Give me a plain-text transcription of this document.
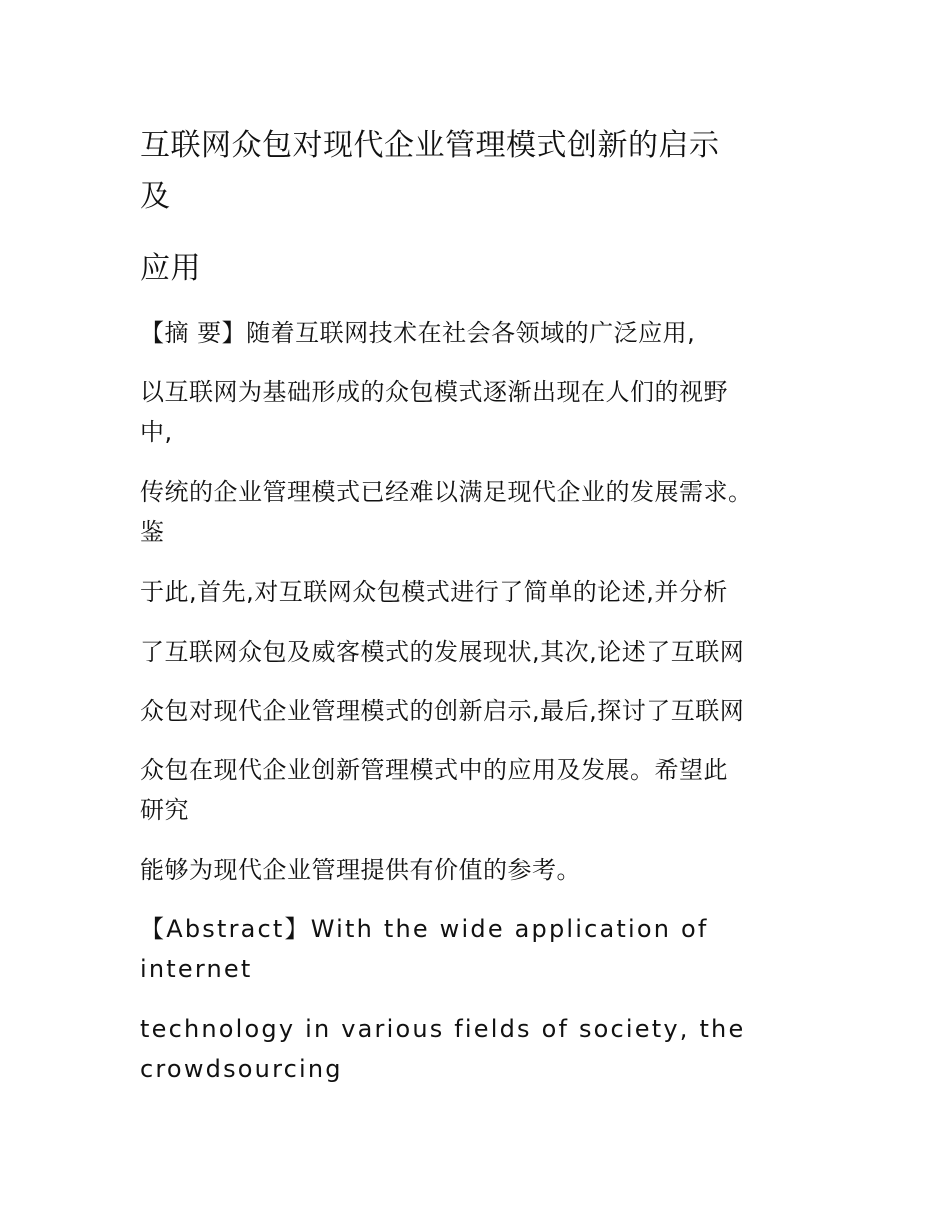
互联网众包对现代企业管理模式创新的启示
及
应用
【摘 要】随着互联网技术在社会各领域的广泛应用,
以互联网为基础形成的众包模式逐渐出现在人们的视野
中,
传统的企业管理模式已经难以满足现代企业的发展需求。
鉴
于此,首先,对互联网众包模式进行了简单的论述,并分析
了互联网众包及威客模式的发展现状,其次,论述了互联网
众包对现代企业管理模式的创新启示,最后,探讨了互联网
众包在现代企业创新管理模式中的应用及发展。希望此
研究
能够为现代企业管理提供有价值的参考。
【Abstract】With the wide application of
internet
technology in various fields of society, the
crowdsourcing
